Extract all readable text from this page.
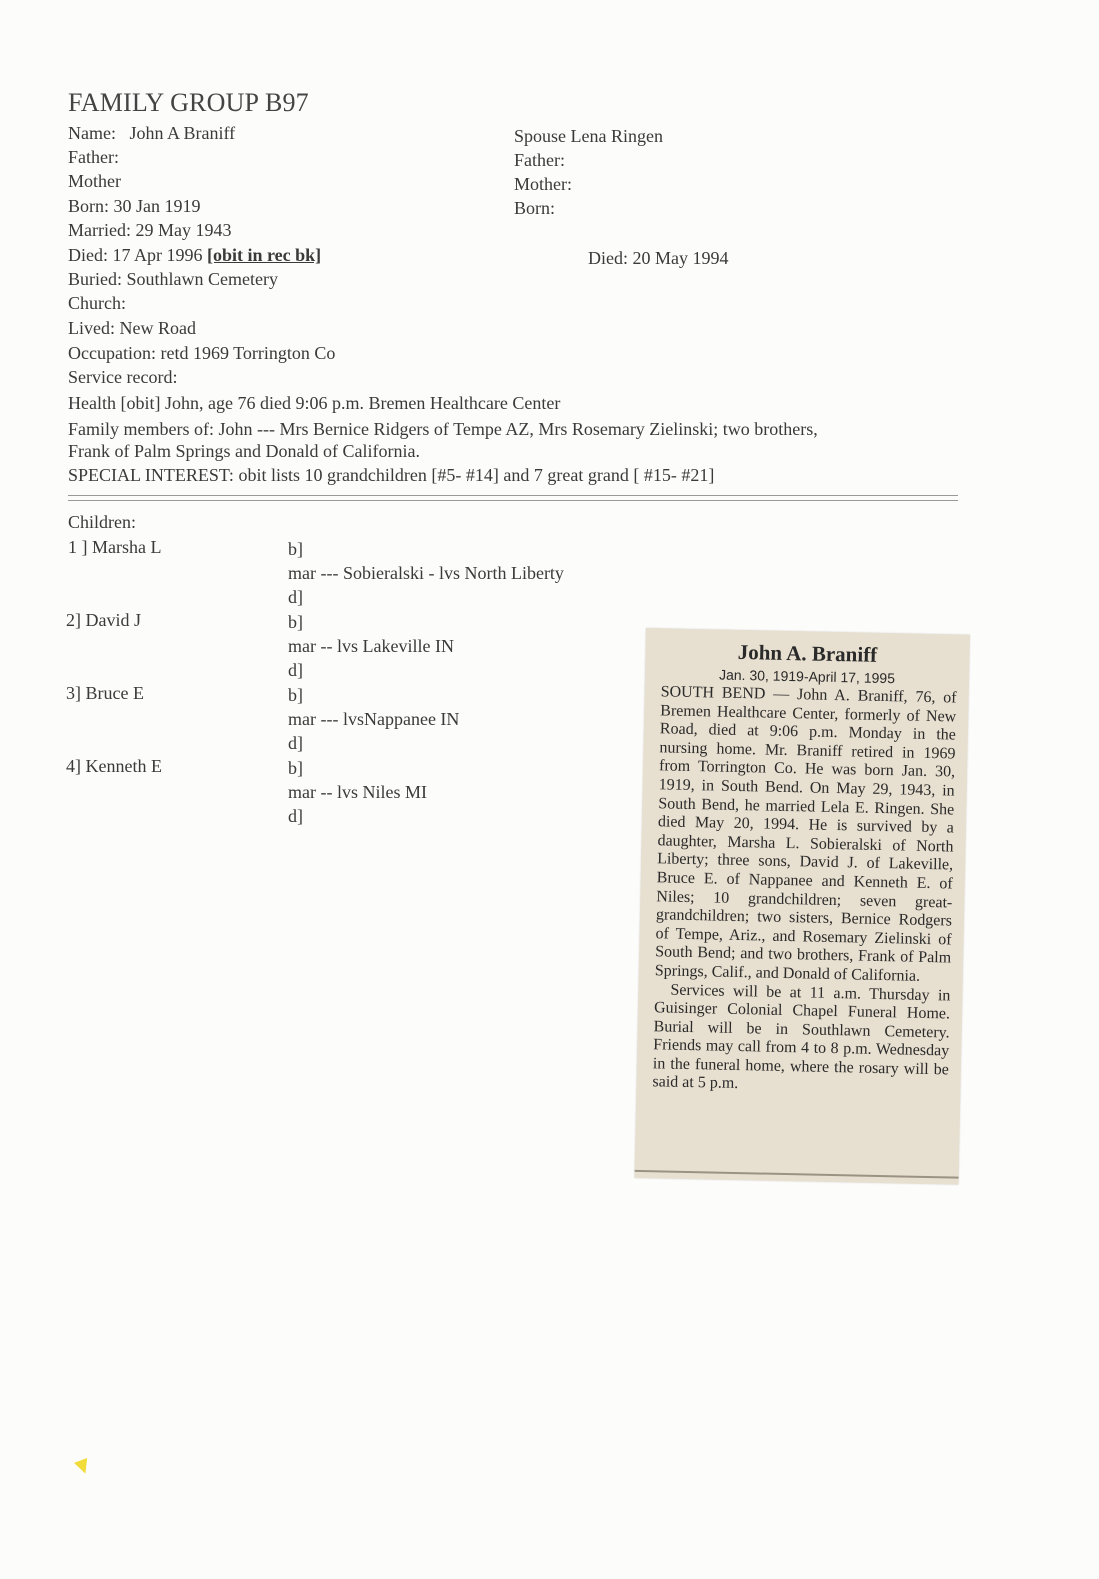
FAMILY GROUP B97
Name: John A Braniff
Father:
Mother
Born: 30 Jan 1919
Married: 29 May 1943
Died: 17 Apr 1996 [obit in rec bk]
Buried: Southlawn Cemetery
Church:
Lived: New Road
Occupation: retd 1969 Torrington Co
Service record:
Health [obit] John, age 76 died 9:06 p.m. Bremen Healthcare Center
Family members of: John --- Mrs Bernice Ridgers of Tempe AZ, Mrs Rosemary Zielinski; two brothers,
Frank of Palm Springs and Donald of California.
SPECIAL INTEREST: obit lists 10 grandchildren [#5- #14] and 7 great grand [ #15- #21]
Spouse Lena Ringen
Father:
Mother:
Born:
Died: 20 May 1994
Children:
1 ] Marsha L	b]
mar --- Sobieralski - lvs North Liberty
d]
2] David J	b]
mar -- lvs Lakeville IN
d]
3] Bruce E	b]
mar --- lvsNappanee IN
d]
4] Kenneth E	b]
mar -- lvs Niles MI
d]
John A. Braniff
Jan. 30, 1919-April 17, 1995

SOUTH BEND — John A. Braniff, 76, of Bremen Healthcare Center, formerly of New Road, died at 9:06 p.m. Monday in the nursing home. Mr. Braniff retired in 1969 from Torrington Co. He was born Jan. 30, 1919, in South Bend. On May 29, 1943, in South Bend, he married Lela E. Ringen. She died May 20, 1994. He is survived by a daughter, Marsha L. Sobieralski of North Liberty; three sons, David J. of Lakeville, Bruce E. of Nappanee and Kenneth E. of Niles; 10 grandchildren; seven great-grandchildren; two sisters, Bernice Rodgers of Tempe, Ariz., and Rosemary Zielinski of South Bend; and two brothers, Frank of Palm Springs, Calif., and Donald of California.

Services will be at 11 a.m. Thursday in Guisinger Colonial Chapel Funeral Home. Burial will be in Southlawn Cemetery. Friends may call from 4 to 8 p.m. Wednesday in the funeral home, where the rosary will be said at 5 p.m.
